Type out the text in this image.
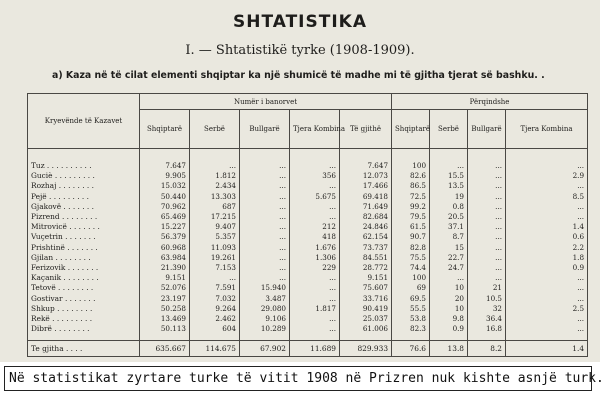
SHTATISTIKA
I. — Shtatistikë tyrke (1908-1909).
a) Kaza në të cilat elementi shqiptar ka një shumicë të madhe mi të gjitha tjerat së bashku. .
Kryevënde të Kazavet	Numër i banorvet					Përqindshe			
	Shqiptarë	Serbë	Bullgarë	Tjera Kombina	Të gjithë	Shqiptarë	Serbë	Bullgarë	Tjera Kombina
Tuz . . . . . . . . . .	7.647	...	...	...	7.647	100	...	...	...
Guciè . . . . . . . . .	9.905	1.812	...	356	12.073	82.6	15.5	...	2.9
Rozhaj . . . . . . . .	15.032	2.434	...	...	17.466	86.5	13.5	...	...
Pejë . . . . . . . . .	50.440	13.303	...	5.675	69.418	72.5	19	...	8.5
Gjakovë . . . . . . .	70.962	687	...	...	71.649	99.2	0.8	...	...
Pizrend . . . . . . . .	65.469	17.215	...	...	82.684	79.5	20.5	...	...
Mitrovicë . . . . . . .	15.227	9.407	...	212	24.846	61.5	37.1	...	1.4
Vuçetrin . . . . . . .	56.379	5.357	...	418	62.154	90.7	8.7	...	0.6
Prishtinë . . . . . . .	60.968	11.093	...	1.676	73.737	82.8	15	...	2.2
Gjilan . . . . . . . .	63.984	19.261	...	1.306	84.551	75.5	22.7	...	1.8
Ferizovik . . . . . . .	21.390	7.153	...	229	28.772	74.4	24.7	...	0.9
Kaçanik . . . . . . . .	9.151	...	...	...	9.151	100	...	...	...
Tetovë . . . . . . . .	52.076	7.591	15.940	...	75.607	69	10	21	...
Gostivar . . . . . . .	23.197	7.032	3.487	...	33.716	69.5	20	10.5	...
Shkup . . . . . . . .	50.258	9.264	29.080	1.817	90.419	55.5	10	32	2.5
Rekë . . . . . . . . .	13.469	2.462	9.106	...	25.037	53.8	9.8	36.4	...
Dibrë . . . . . . . .	50.113	604	10.289	...	61.006	82.3	0.9	16.8	...
Te gjitha . . . .	635.667	114.675	67.902	11.689	829.933	76.6	13.8	8.2	1.4
Në statistikat zyrtare turke të vitit 1908 në Prizren nuk kishte asnjë turk.
